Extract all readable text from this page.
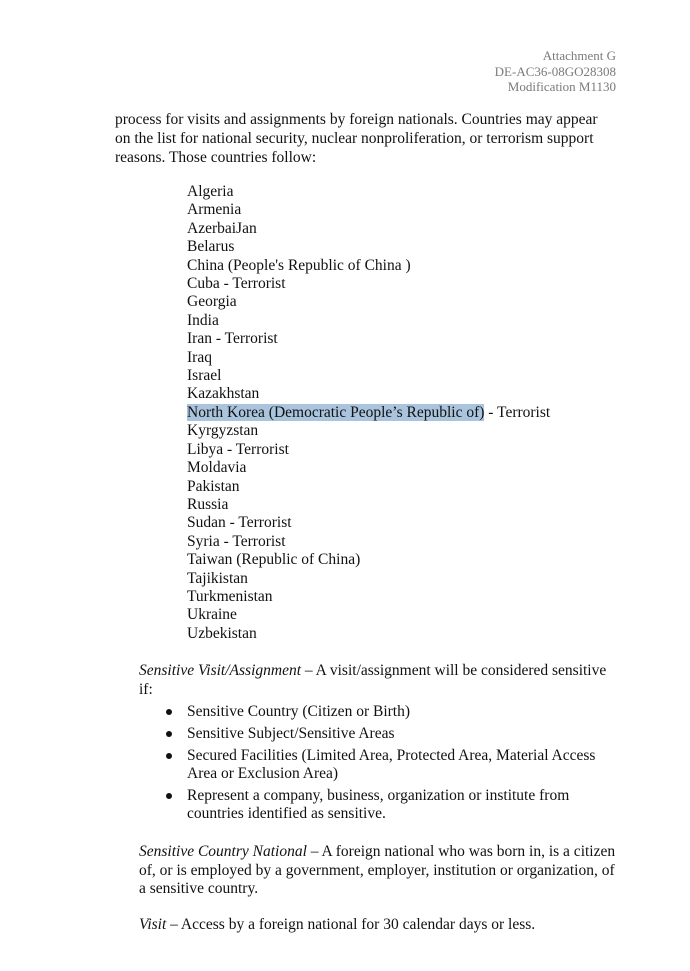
Attachment G
DE-AC36-08GO28308
Modification M1130

process for visits and assignments by foreign nationals. Countries may appear on the list for national security, nuclear nonproliferation, or terrorism support reasons. Those countries follow:

Algeria
Armenia
AzerbaiJan
Belarus
China (People's Republic of China )
Cuba - Terrorist
Georgia
India
Iran - Terrorist
Iraq
Israel
Kazakhstan
North Korea (Democratic People’s Republic of) - Terrorist
Kyrgyzstan
Libya - Terrorist
Moldavia
Pakistan
Russia
Sudan - Terrorist
Syria - Terrorist
Taiwan (Republic of China)
Tajikistan
Turkmenistan
Ukraine
Uzbekistan

Sensitive Visit/Assignment – A visit/assignment will be considered sensitive if:

Sensitive Country (Citizen or Birth)
Sensitive Subject/Sensitive Areas
Secured Facilities (Limited Area, Protected Area, Material Access Area or Exclusion Area)
Represent a company, business, organization or institute from countries identified as sensitive.

Sensitive Country National – A foreign national who was born in, is a citizen of, or is employed by a government, employer, institution or organization, of a sensitive country.

Visit – Access by a foreign national for 30 calendar days or less.
